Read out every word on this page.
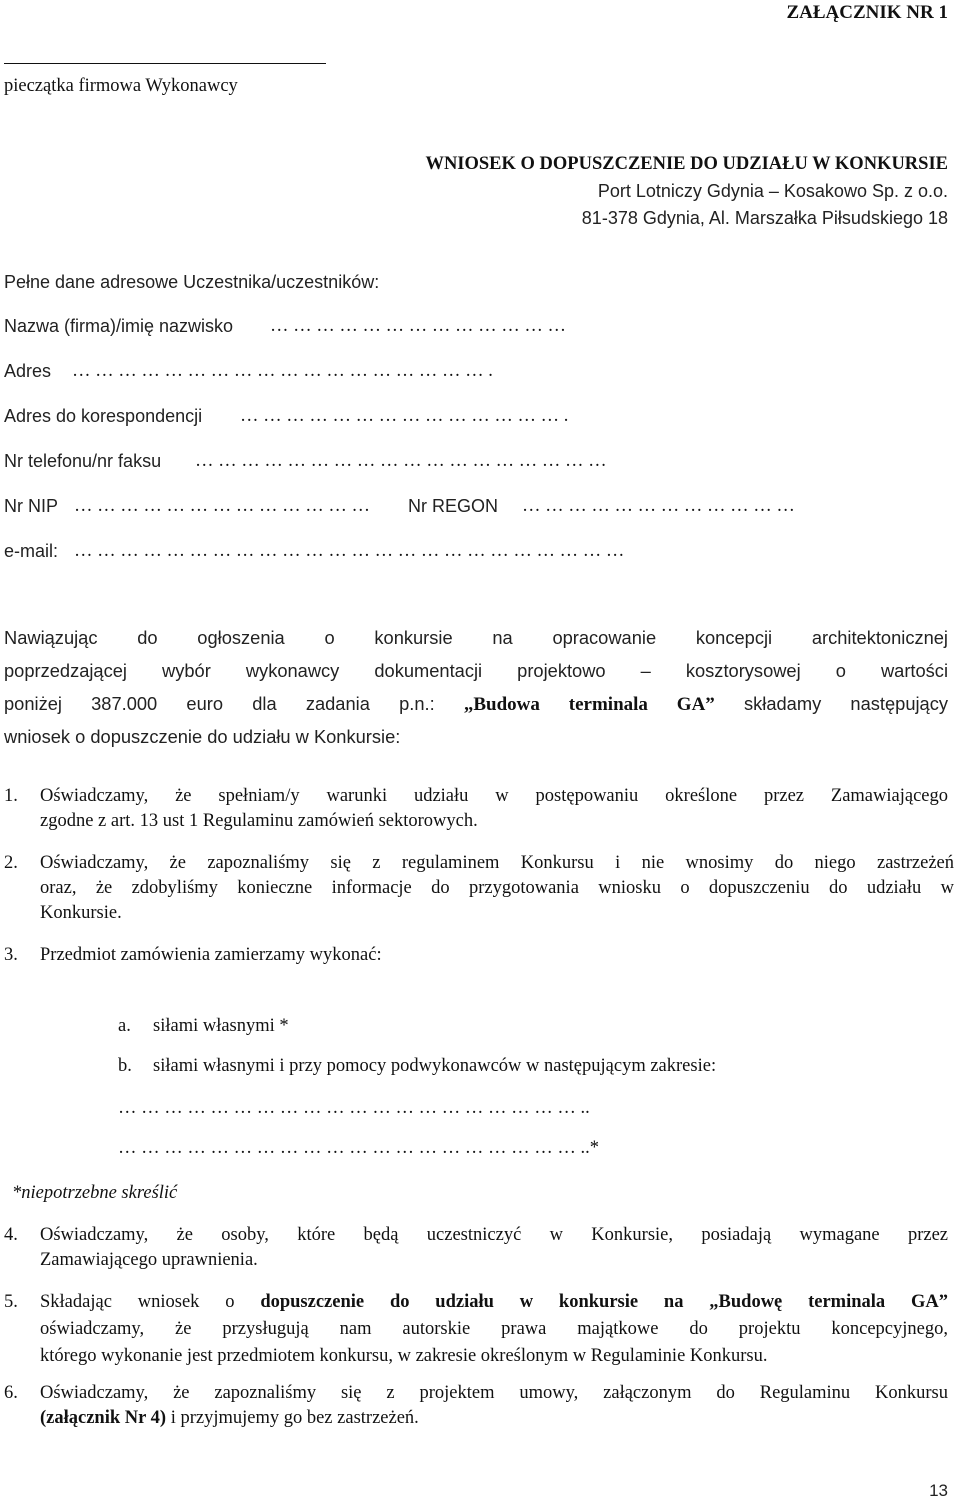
ZAŁĄCZNIK NR 1
pieczątka firmowa Wykonawcy
WNIOSEK O DOPUSZCZENIE DO UDZIAŁU W KONKURSIE
Port Lotniczy Gdynia – Kosakowo Sp. z o.o.
81-378 Gdynia, Al. Marszałka Piłsudskiego 18
Pełne dane adresowe Uczestnika/uczestników:
Nazwa (firma)/imię nazwisko … … … … … … … … … … … … …
Adres … … … … … … … … … … … … … … … … … … .
Adres do korespondencji … … … … … … … … … … … … … … .
Nr telefonu/nr faksu … … … … … … … … … … … … … … … … … …
Nr NIP … … … … … … … … … … … … …	Nr REGON … … … … … … … … … … … …
e-mail: … … … … … … … … … … … … … … … … … … … … … … … …
Nawiązując do ogłoszenia o konkursie na opracowanie koncepcji architektonicznej
poprzedzającej wybór wykonawcy dokumentacji projektowo – kosztorysowej o wartości
poniżej 387.000 euro dla zadania p.n.: „Budowa terminala GA” składamy następujący
wniosek o dopuszczenie do udziału w Konkursie:
1. Oświadczamy, że spełniam/y warunki udziału w postępowaniu określone przez Zamawiającego
zgodne z art. 13 ust 1 Regulaminu zamówień sektorowych.
2. Oświadczamy, że zapoznaliśmy się z regulaminem Konkursu i nie wnosimy do niego zastrzeżeń
oraz, że zdobyliśmy konieczne informacje do przygotowania wniosku o dopuszczeniu do udziału w
Konkursie.
3. Przedmiot zamówienia zamierzamy wykonać:
a. siłami własnymi *
b. siłami własnymi i przy pomocy podwykonawców w następującym zakresie:
… … … … … … … … … … … … … … … … … … … … ..
… … … … … … … … … … … … … … … … … … … … ..*
*niepotrzebne skreślić
4. Oświadczamy, że osoby, które będą uczestniczyć w Konkursie, posiadają wymagane przez
Zamawiającego uprawnienia.
5. Składając wniosek o dopuszczenie do udziału w konkursie na „Budowę terminala GA”
oświadczamy, że przysługują nam autorskie prawa majątkowe do projektu koncepcyjnego,
którego wykonanie jest przedmiotem konkursu, w zakresie określonym w Regulaminie Konkursu.
6. Oświadczamy, że zapoznaliśmy się z projektem umowy, załączonym do Regulaminu Konkursu
(załącznik Nr 4) i przyjmujemy go bez zastrzeżeń.
13
